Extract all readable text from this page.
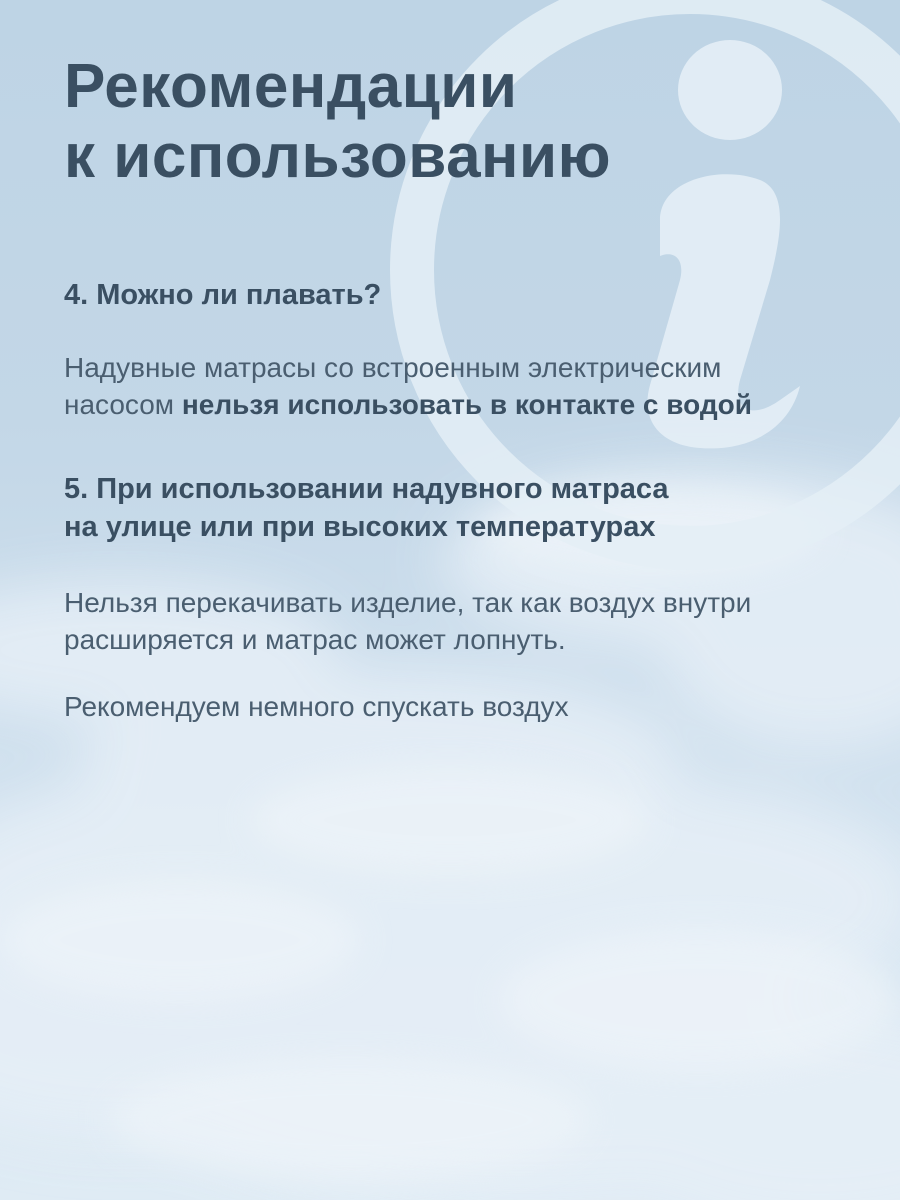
Рекомендации
к использованию
4. Можно ли плавать?

Надувные матрасы со встроенным электрическим
насосом нельзя использовать в контакте с водой

5. При использовании надувного матраса
на улице или при высоких температурах

Нельзя перекачивать изделие, так как воздух внутри
расширяется и матрас может лопнуть.

Рекомендуем немного спускать воздух
